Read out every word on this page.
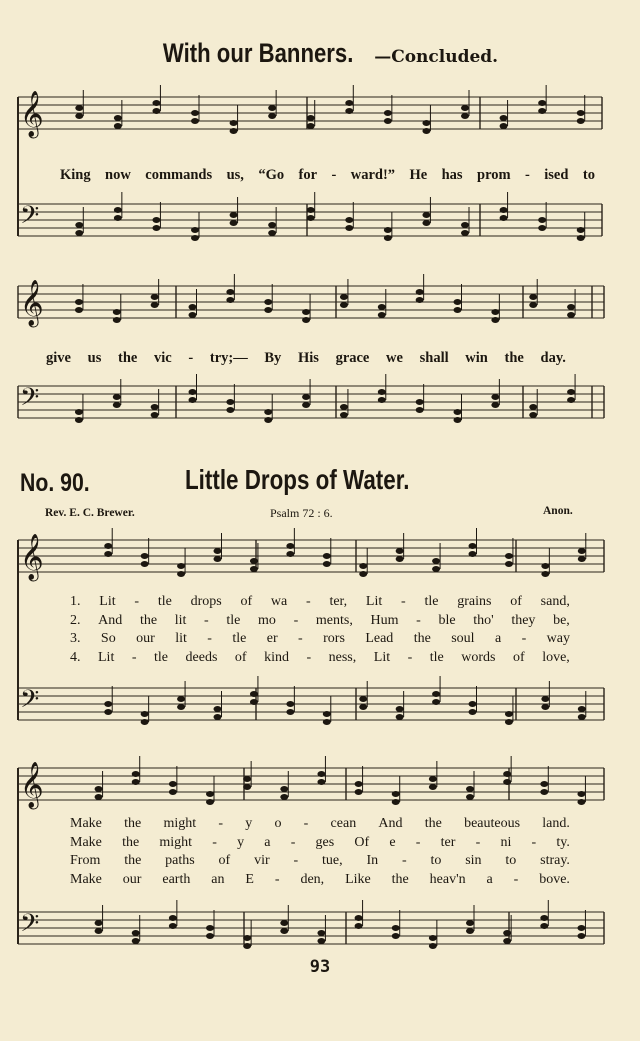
With our Banners. —Concluded.
𝄞
𝄢
𝄞
𝄢
𝄞
𝄢
𝄞
𝄢
King now commands us, “Go for - ward!” He has prom - ised to
give us the vic - try;— By His grace we shall win the day.
No. 90.	Little Drops of Water.
Rev. E. C. Brewer.	Psalm 72 : 6.	Anon.
1. Lit - tle drops of wa - ter, Lit - tle grains of sand,
2. And the lit - tle mo - ments, Hum - ble tho' they be,
3. So our lit - tle er - rors Lead the soul a - way
4. Lit - tle deeds of kind - ness, Lit - tle words of love,
Make the might - y o - cean And the beauteous land.
Make the might - y a - ges Of e - ter - ni - ty.
From the paths of vir - tue, In - to sin to stray.
Make our earth an E - den, Like the heav'n a - bove.
93
